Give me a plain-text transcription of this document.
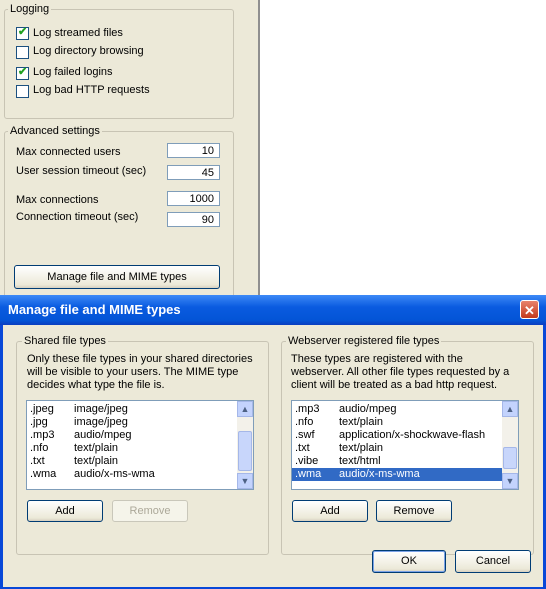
Logging
✔ Log streamed files
Log directory browsing
✔ Log failed logins
Log bad HTTP requests
Advanced settings
Max connected users	10
User session timeout (sec)	45
Max connections	1000
Connection timeout (sec)	90
Manage file and MIME types
Manage file and MIME types	✕
Shared file types
Only these file types in your shared directories
will be visible to your users. The MIME type
decides what type the file is.
.jpeg image/jpeg
.jpg image/jpeg
.mp3 audio/mpeg
.nfo text/plain
.txt	text/plain
.wma audio/x-ms-wma
▲
▼
Add	Remove
Webserver registered file types
These types are registered with the
webserver. All other file types requested by a
client will be treated as a bad http request.
.mp3 audio/mpeg
.nfo text/plain
.swf application/x-shockwave-flash
.txt	text/plain
.vibe text/html
.wma audio/x-ms-wma
▲
▼
Add	Remove
OK	Cancel
